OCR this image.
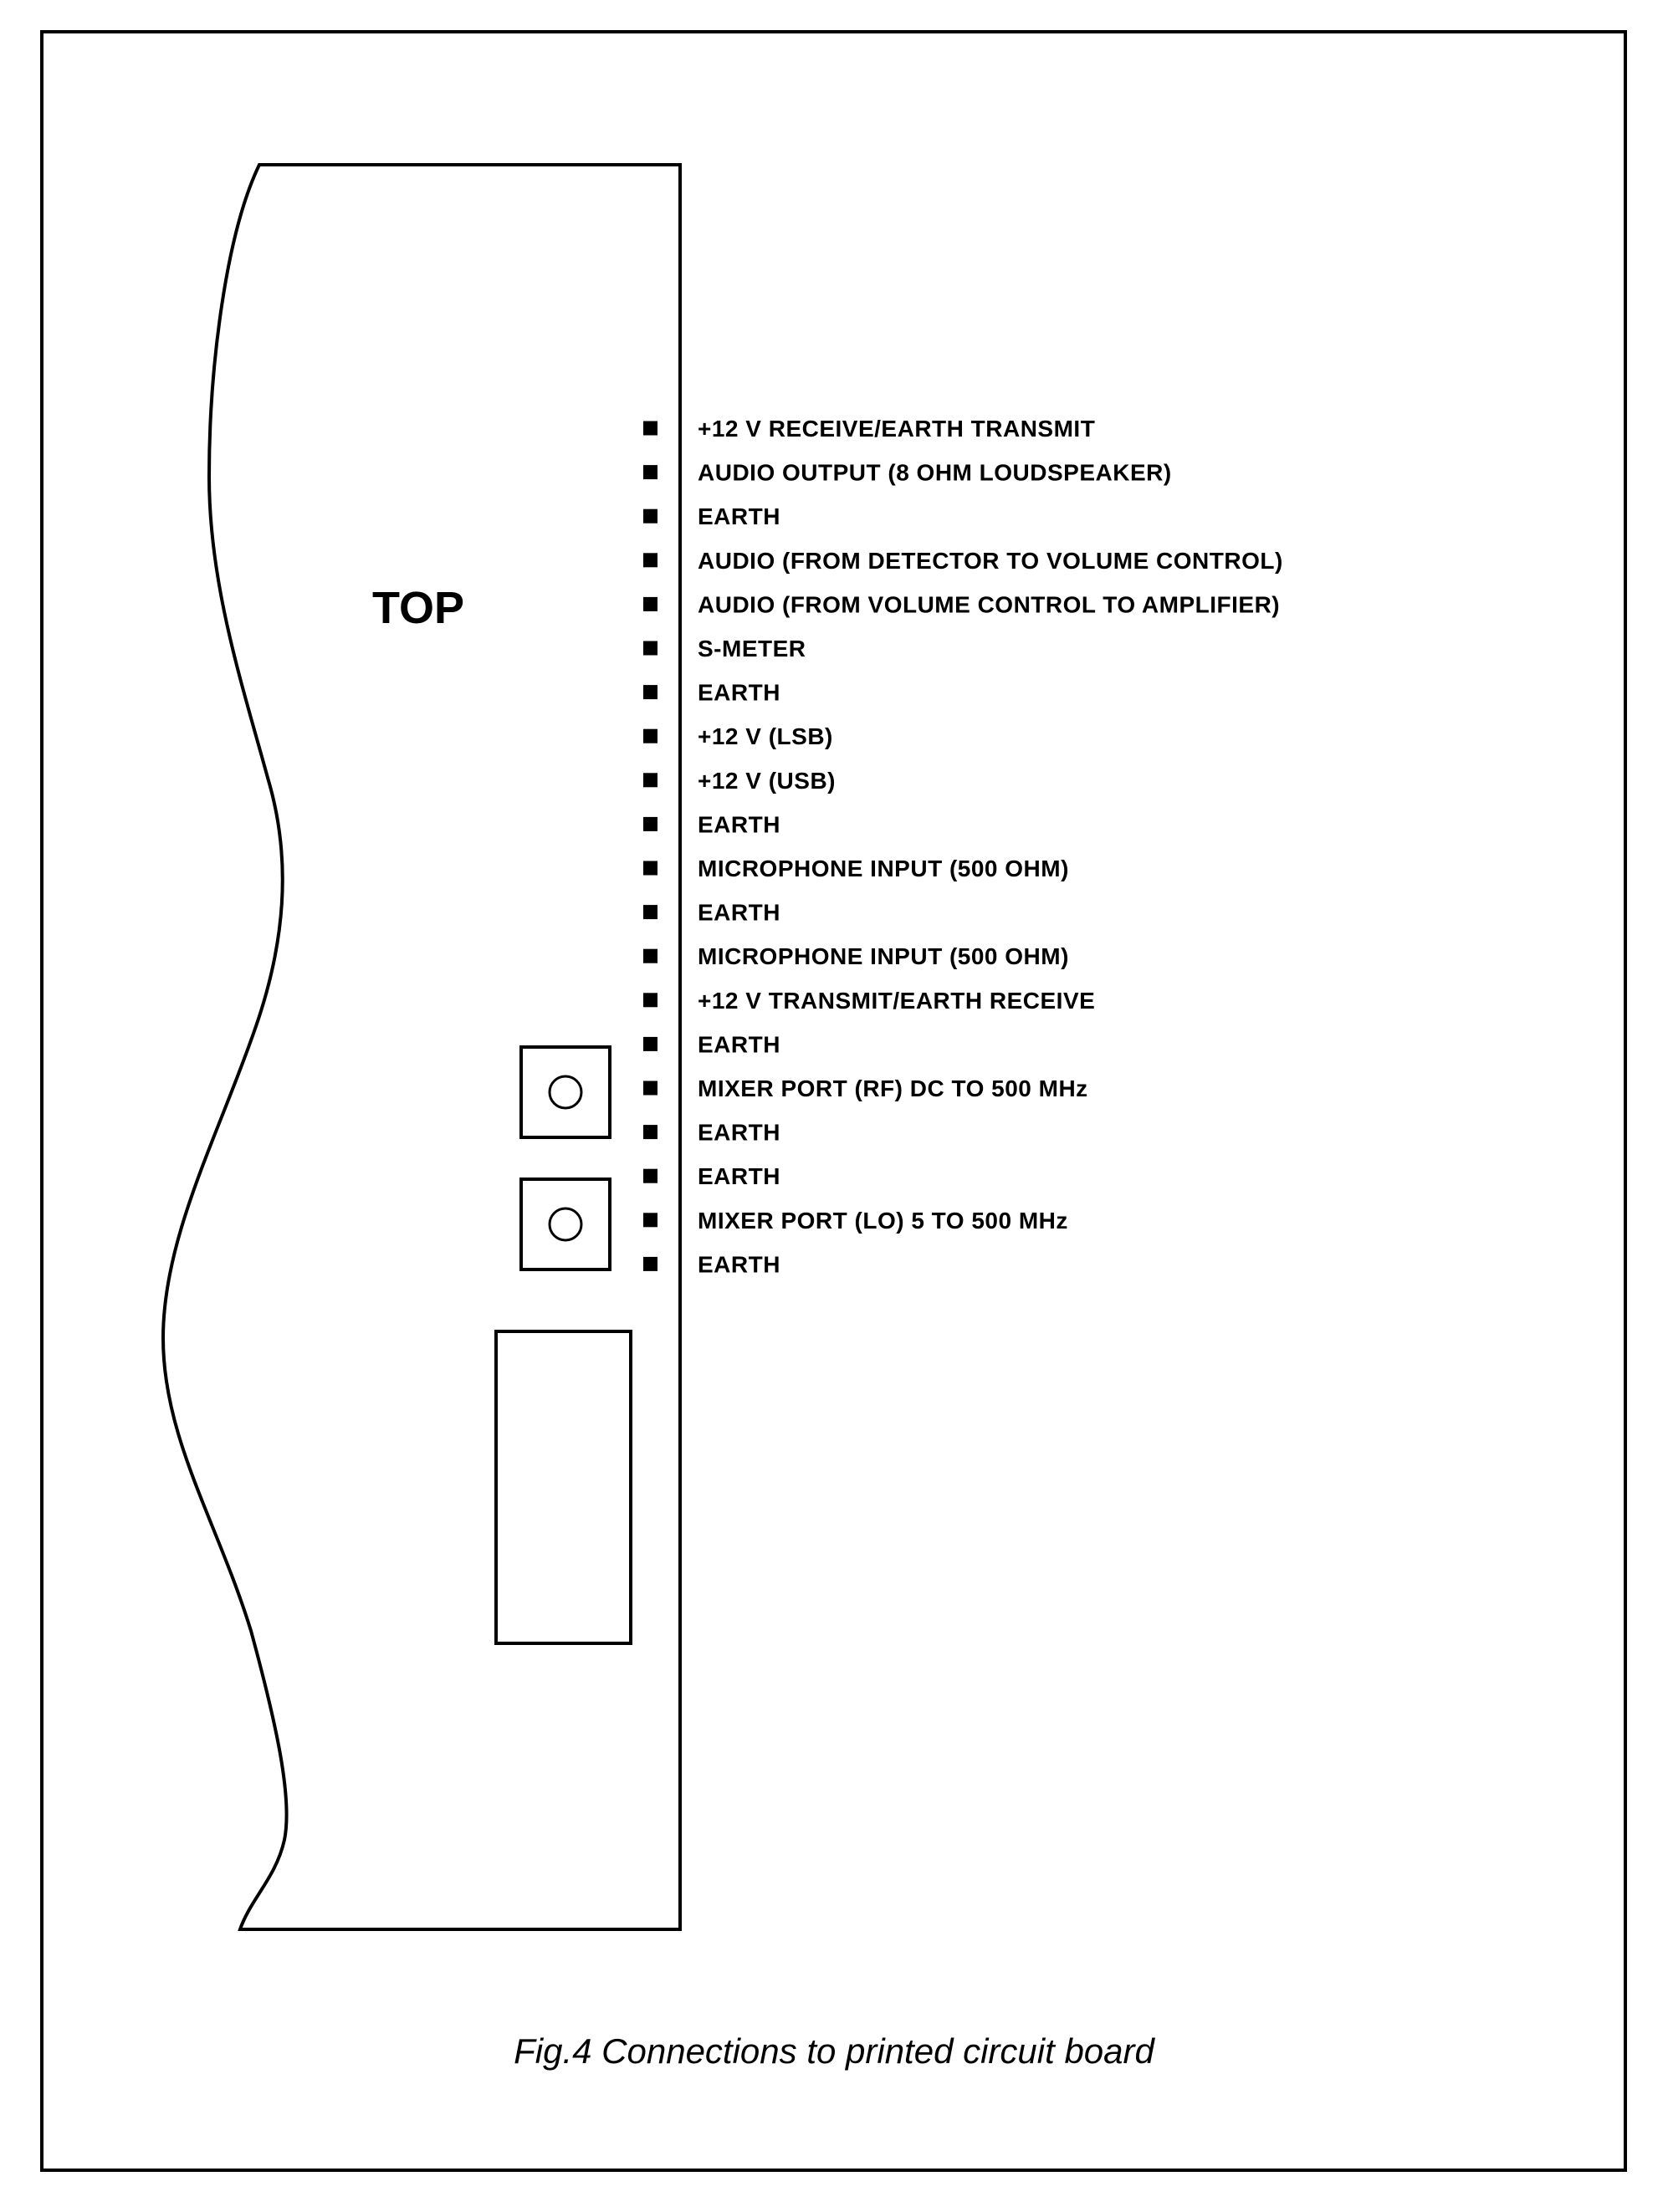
TOP
+12 V RECEIVE/EARTH TRANSMIT
AUDIO OUTPUT (8 OHM LOUDSPEAKER)
EARTH
AUDIO (FROM DETECTOR TO VOLUME CONTROL)
AUDIO (FROM VOLUME CONTROL TO AMPLIFIER)
S-METER
EARTH
+12 V (LSB)
+12 V (USB)
EARTH
MICROPHONE INPUT (500 OHM)
EARTH
MICROPHONE INPUT (500 OHM)
+12 V TRANSMIT/EARTH RECEIVE
EARTH
MIXER PORT (RF) DC TO 500 MHz
EARTH
EARTH
MIXER PORT (LO) 5 TO 500 MHz
EARTH
Fig.4 Connections to printed circuit board
